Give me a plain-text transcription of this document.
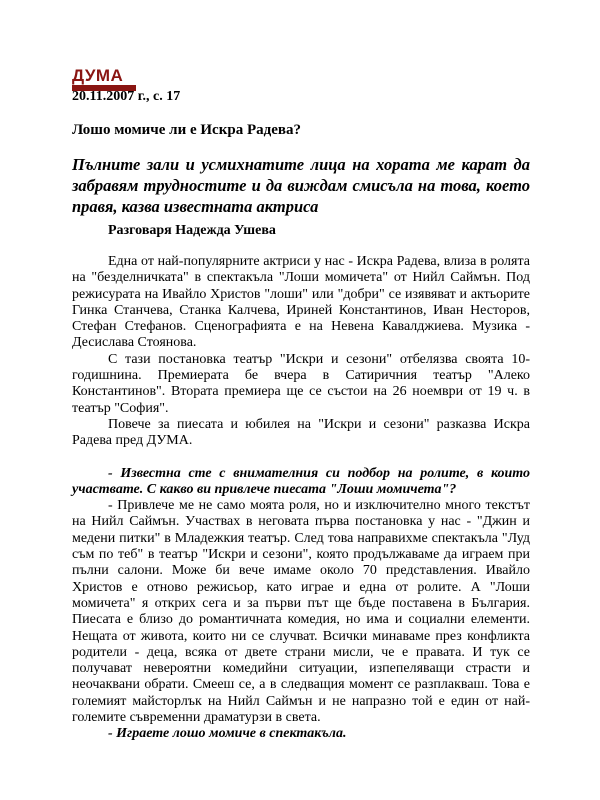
ДУМА
20.11.2007 г., с. 17
Лошо момиче ли е Искра Радева?
Пълните зали и усмихнатите лица на хората ме карат да забравям трудностите и да виждам смисъла на това, което правя, казва известната актриса
Разговаря Надежда Ушева

Една от най-популярните актриси у нас - Искра Радева, влиза в ролята на "безделничката" в спектакъла "Лоши момичета" от Нийл Саймън. Под режисурата на Ивайло Христов "лоши" или "добри" се изявяват и актьорите Гинка Станчева, Станка Калчева, Ириней Константинов, Иван Несторов, Стефан Стефанов. Сценографията е на Невена Кавалджиева. Музика - Десислава Стоянова.

С тази постановка театър "Искри и сезони" отбелязва своята 10-годишнина. Премиерата бе вчера в Сатиричния театър "Алеко Константинов". Втората премиера ще се състои на 26 ноември от 19 ч. в театър "София".

Повече за пиесата и юбилея на "Искри и сезони" разказва Искра Радева пред ДУМА.

- Известна сте с внимателния си подбор на ролите, в които участвате. С какво ви привлече пиесата "Лоши момичета"?

- Привлече ме не само моята роля, но и изключително много текстът на Нийл Саймън. Участвах в неговата първа постановка у нас - "Джин и медени питки" в Младежкия театър. След това направихме спектакъла "Луд съм по теб" в театър "Искри и сезони", която продължаваме да играем при пълни салони. Може би вече имаме около 70 представления. Ивайло Христов е отново режисьор, като играе и една от ролите. А "Лоши момичета" я открих сега и за първи път ще бъде поставена в България. Пиесата е близо до романтичната комедия, но има и социални елементи. Нещата от живота, които ни се случват. Всички минаваме през конфликта родители - деца, всяка от двете страни мисли, че е правата. И тук се получават невероятни комедийни ситуации, изпепеляващи страсти и неочаквани обрати. Смееш се, а в следващия момент се разплакваш. Това е големият майсторлък на Нийл Саймън и не напразно той е един от най-големите съвременни драматурзи в света.

- Играете лошо момиче в спектакъла.
